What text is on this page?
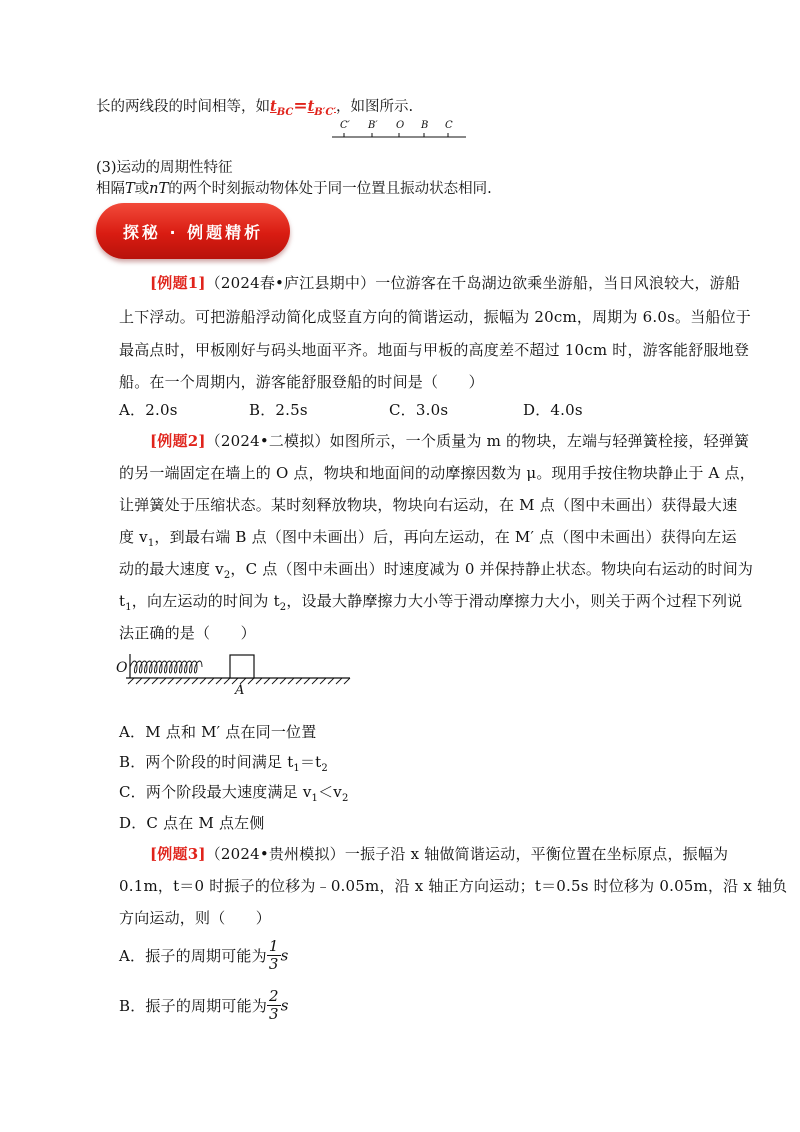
长的两线段的时间相等，如$t_{BC}=t_{B'C'}$，如图所示.
C′ B′ O B C
(3)运动的周期性特征
相隔T或nT的两个时刻振动物体处于同一位置且振动状态相同.
探秘 · 例题精析
[例题1]（2024春•庐江县期中）一位游客在千岛湖边欲乘坐游船，当日风浪较大，游船
上下浮动。可把游船浮动简化成竖直方向的简谐运动，振幅为 20cm，周期为 6.0s。当船位于
最高点时，甲板刚好与码头地面平齐。地面与甲板的高度差不超过 10cm 时，游客能舒服地登
船。在一个周期内，游客能舒服登船的时间是（　　）
A．2.0s	B．2.5s	C．3.0s	D．4.0s
[例题2]（2024•二模拟）如图所示，一个质量为 m 的物块，左端与轻弹簧栓接，轻弹簧
的另一端固定在墙上的 O 点，物块和地面间的动摩擦因数为 μ。现用手按住物块静止于 A 点，
让弹簧处于压缩状态。某时刻释放物块，物块向右运动，在 M 点（图中未画出）获得最大速
度 $v_1$，到最右端 B 点（图中未画出）后，再向左运动，在 M′ 点（图中未画出）获得向左运
动的最大速度 $v_2$，C 点（图中未画出）时速度减为 0 并保持静止状态。物块向右运动的时间为
$t_1$，向左运动的时间为 $t_2$，设最大静摩擦力大小等于滑动摩擦力大小，则关于两个过程下列说
法正确的是（　　）
O
A
A．M 点和 M′ 点在同一位置
B．两个阶段的时间满足 $t_1=t_2$
C．两个阶段最大速度满足 $v_1<v_2$
D．C 点在 M 点左侧
[例题3]（2024•贵州模拟）一振子沿 x 轴做简谐运动，平衡位置在坐标原点，振幅为
0.1m，t＝0 时振子的位移为﹣0.05m，沿 x 轴正方向运动；t＝0.5s 时位移为 0.05m，沿 x 轴负
方向运动，则（　　）
A．振子的周期可能为 $\frac{1}{3}$ s
B．振子的周期可能为 $\frac{2}{3}$ s
